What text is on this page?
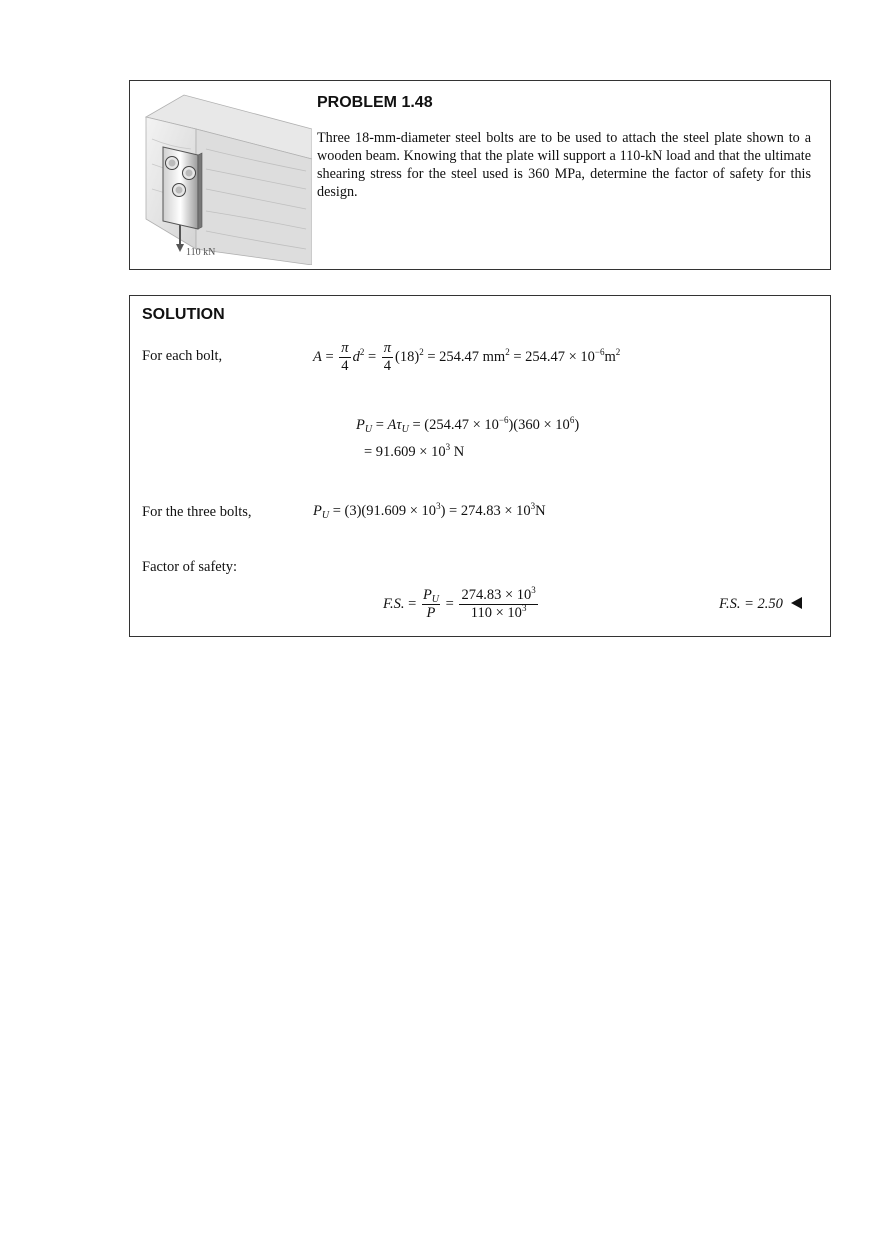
110 kN
PROBLEM 1.48
Three 18-mm-diameter steel bolts are to be used to attach the steel plate shown to a wooden beam. Knowing that the plate will support a 110-kN load and that the ultimate shearing stress for the steel used is 360 MPa, determine the factor of safety for this design.
SOLUTION
For each bolt,	$A = \frac{\pi}{4} d^2 = \frac{\pi}{4} (18)^2 = 254.47$ $mm^2 = 254.47 \times 10^{-6}m^2$
$P_U = A\tau_U = (254.47 \times 10^{-6})(360 \times 10^6)$
= $91.609 \times 10^3$ N
For the three bolts,	$P_U = (3)(91.609 \times 10^3) = 274.83 \times 10^3N$
Factor of safety:
F.S. = $\frac{P_U}{P} = \frac{274.83 \times 10^3}{110 \times 10^3}$	F.S. = 2.50
